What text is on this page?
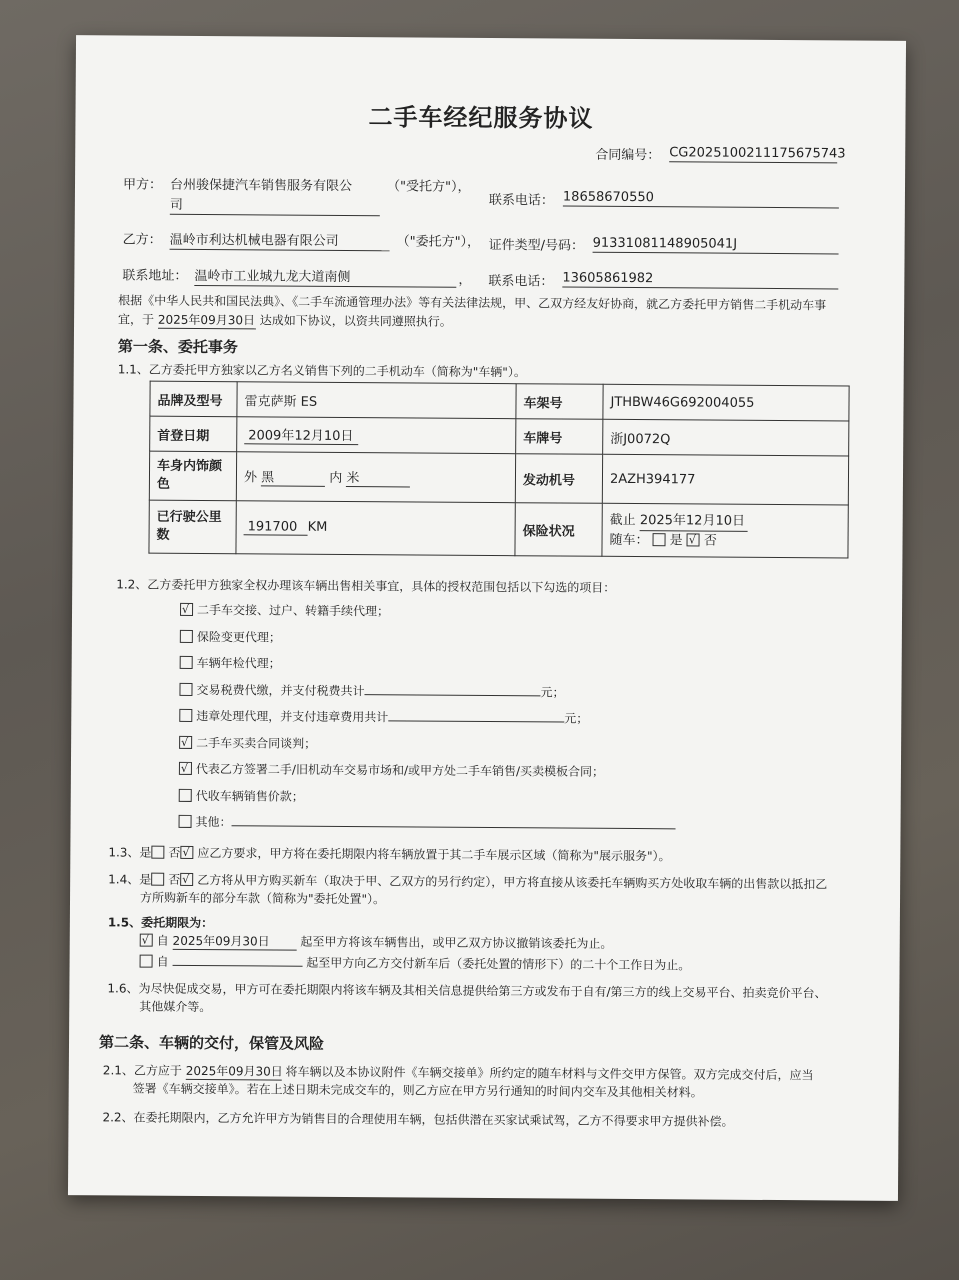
二手车经纪服务协议
合同编号： CG2025100211175675743
甲方： 台州骏保捷汽车销售服务有限公
司
（"受托方"），
联系电话： 18658670550
乙方： 温岭市利达机械电器有限公司	（"委托方"）， 证件类型/号码： 91331081148905041J
联系地址： 温岭市工业城九龙大道南侧	， 联系电话： 13605861982
根据《中华人民共和国民法典》、《二手车流通管理办法》等有关法律法规，甲、乙双方经友好协商，就乙方委托甲方销售二手机动车事
宜，于 2025年09月30日 达成如下协议，以资共同遵照执行。
第一条、委托事务
1.1、乙方委托甲方独家以乙方名义销售下列的二手机动车（简称为"车辆"）。
品牌及型号	雷克萨斯 ES	车架号	JTHBW46G692004055
首登日期	2009年12月10日	车牌号	浙J0072Q
车身内饰颜
色	外 黑 内 米	发动机号	2AZH394177
已行驶公里
数	191700 KM	保险状况	截止 2025年12月10日
随车： 是 √ 否
1.2、乙方委托甲方独家全权办理该车辆出售相关事宜，具体的授权范围包括以下勾选的项目：
√二手车交接、过户、转籍手续代理；
保险变更代理；
车辆年检代理；
交易税费代缴，并支付税费共计	元；
违章处理代理，并支付违章费用共计	元；
√二手车买卖合同谈判；
√代表乙方签署二手/旧机动车交易市场和/或甲方处二手车销售/买卖模板合同；
代收车辆销售价款；
其他：
1.3、是 否 √ 应乙方要求，甲方将在委托期限内将车辆放置于其二手车展示区域（简称为"展示服务"）。
1.4、是 否 √ 乙方将从甲方购买新车（取决于甲、乙双方的另行约定），甲方将直接从该委托车辆购买方处收取车辆的出售款以抵扣乙
方所购新车的部分车款（简称为"委托处置"）。
1.5、委托期限为：
√自 2025年09月30日	起至甲方将该车辆售出，或甲乙双方协议撤销该委托为止。
自	起至甲方向乙方交付新车后（委托处置的情形下）的二十个工作日为止。
1.6、为尽快促成交易，甲方可在委托期限内将该车辆及其相关信息提供给第三方或发布于自有/第三方的线上交易平台、拍卖竞价平台、
其他媒介等。
第二条、车辆的交付，保管及风险
2.1、乙方应于 2025年09月30日 将车辆以及本协议附件《车辆交接单》所约定的随车材料与文件交甲方保管。双方完成交付后，应当
签署《车辆交接单》。若在上述日期未完成交车的，则乙方应在甲方另行通知的时间内交车及其他相关材料。
2.2、在委托期限内，乙方允许甲方为销售目的合理使用车辆，包括供潜在买家试乘试驾，乙方不得要求甲方提供补偿。
